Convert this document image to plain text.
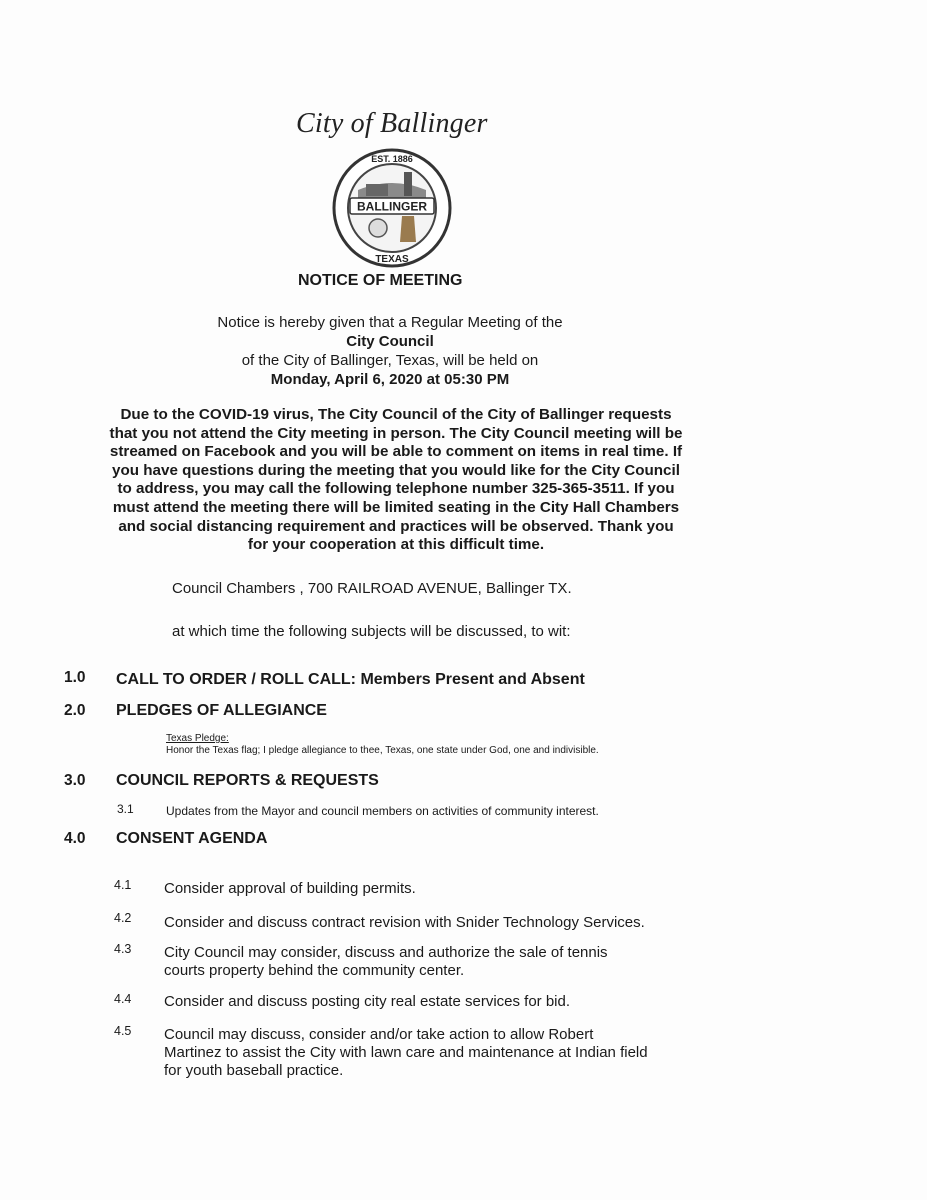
City of Ballinger
BALLINGER
EST. 1886
TEXAS
NOTICE OF MEETING
Notice is hereby given that a Regular Meeting of the
City Council
of the City of Ballinger, Texas, will be held on
Monday, April 6, 2020 at 05:30 PM
Due to the COVID-19 virus, The City Council of the City of Ballinger requests
that you not attend the City meeting in person. The City Council meeting will be
streamed on Facebook and you will be able to comment on items in real time. If
you have questions during the meeting that you would like for the City Council
to address, you may call the following telephone number 325-365-3511. If you
must attend the meeting there will be limited seating in the City Hall Chambers
and social distancing requirement and practices will be observed. Thank you
for your cooperation at this difficult time.
Council Chambers , 700 RAILROAD AVENUE, Ballinger TX.
at which time the following subjects will be discussed, to wit:
1.0 CALL TO ORDER / ROLL CALL: Members Present and Absent
2.0 PLEDGES OF ALLEGIANCE
Texas Pledge:
Honor the Texas flag; I pledge allegiance to thee, Texas, one state under God, one and indivisible.
3.0 COUNCIL REPORTS & REQUESTS
3.1	Updates from the Mayor and council members on activities of community interest.
4.0 CONSENT AGENDA
4.1 Consider approval of building permits.
4.2 Consider and discuss contract revision with Snider Technology Services.
4.3 City Council may consider, discuss and authorize the sale of tennis
courts property behind the community center.
4.4 Consider and discuss posting city real estate services for bid.
4.5 Council may discuss, consider and/or take action to allow Robert
Martinez to assist the City with lawn care and maintenance at Indian field
for youth baseball practice.
